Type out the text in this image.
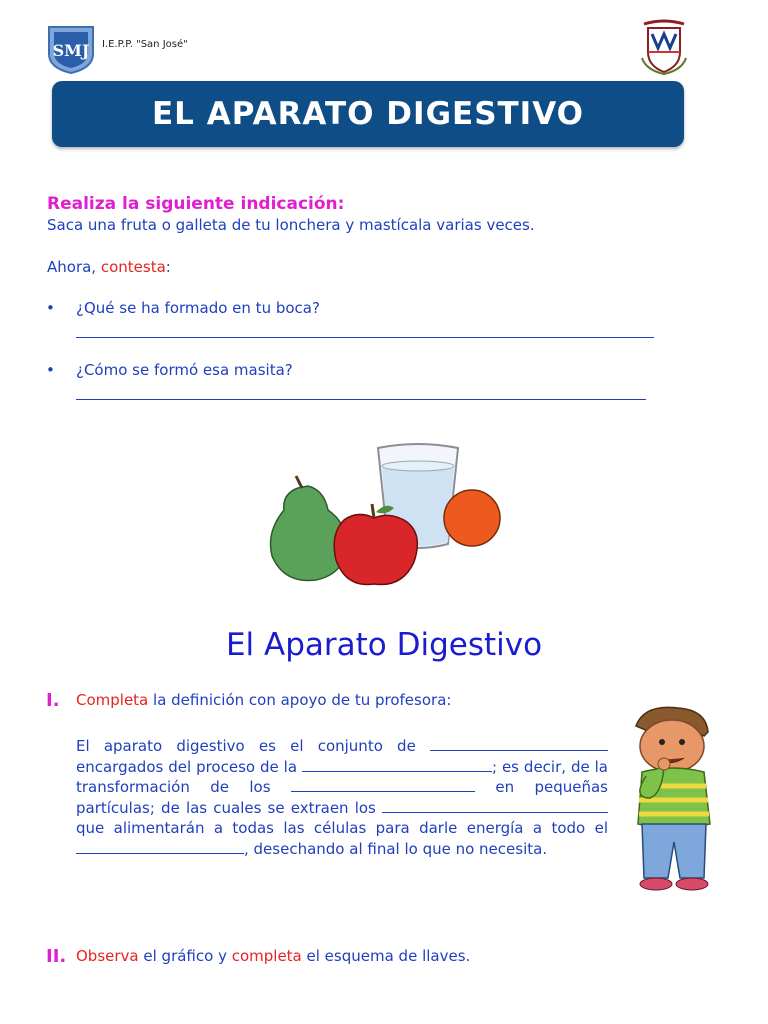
SMJ I.E.P.P. "San José"
EL APARATO DIGESTIVO
Realiza la siguiente indicación:
Saca una fruta o galleta de tu lonchera y mastícala varias veces.
Ahora, contesta:
• ¿Qué se ha formado en tu boca?
• ¿Cómo se formó esa masita?
El Aparato Digestivo
I. Completa la definición con apoyo de tu profesora:
El aparato digestivo es el conjunto de  encargados del proceso de la	; es decir, de la transformación de los	en pequeñas partículas; de las cuales se extraen los  que alimentarán a todas las células para darle energía a todo el , desechando al final lo que no necesita.
II. Observa el gráfico y completa el esquema de llaves.
